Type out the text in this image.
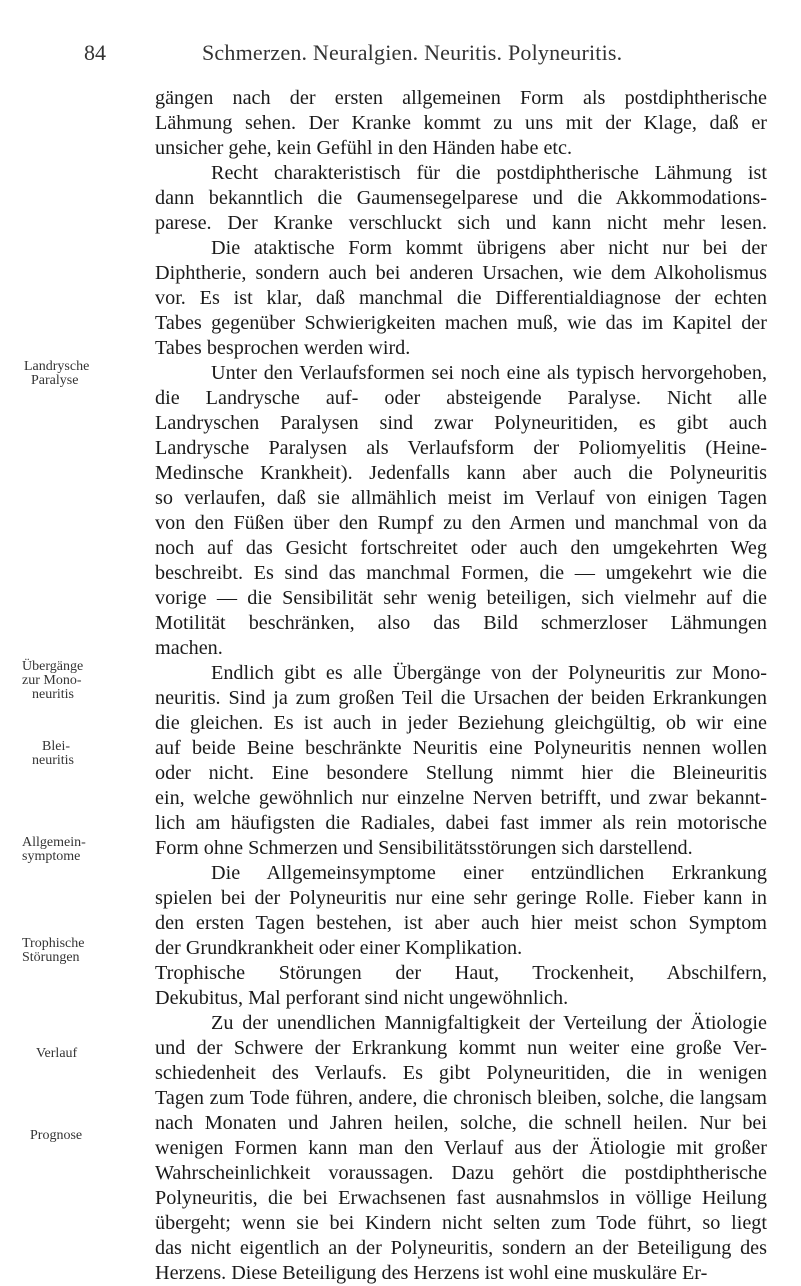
84	Schmerzen. Neuralgien. Neuritis. Polyneuritis.
Landrysche
Paralyse
Übergänge
zur Mono-
neuritis
Blei-
neuritis
Allgemein-
symptome
Trophische
Störungen
Verlauf
Prognose
gängen nach der ersten allgemeinen Form als postdiphtherische
Lähmung sehen. Der Kranke kommt zu uns mit der Klage, daß er
unsicher gehe, kein Gefühl in den Händen habe etc.
Recht charakteristisch für die postdiphtherische Lähmung ist
dann bekanntlich die Gaumensegelparese und die Akkommodations-
parese. Der Kranke verschluckt sich und kann nicht mehr lesen.
Die ataktische Form kommt übrigens aber nicht nur bei der
Diphtherie, sondern auch bei anderen Ursachen, wie dem Alkoholismus
vor. Es ist klar, daß manchmal die Differentialdiagnose der echten
Tabes gegenüber Schwierigkeiten machen muß, wie das im Kapitel der
Tabes besprochen werden wird.
Unter den Verlaufsformen sei noch eine als typisch hervorgehoben,
die Landrysche auf- oder absteigende Paralyse. Nicht alle
Landryschen Paralysen sind zwar Polyneuritiden, es gibt auch
Landrysche Paralysen als Verlaufsform der Poliomyelitis (Heine-
Medinsche Krankheit). Jedenfalls kann aber auch die Polyneuritis
so verlaufen, daß sie allmählich meist im Verlauf von einigen Tagen
von den Füßen über den Rumpf zu den Armen und manchmal von da
noch auf das Gesicht fortschreitet oder auch den umgekehrten Weg
beschreibt. Es sind das manchmal Formen, die — umgekehrt wie die
vorige — die Sensibilität sehr wenig beteiligen, sich vielmehr auf die
Motilität beschränken, also das Bild schmerzloser Lähmungen
machen.
Endlich gibt es alle Übergänge von der Polyneuritis zur Mono-
neuritis. Sind ja zum großen Teil die Ursachen der beiden Erkrankungen
die gleichen. Es ist auch in jeder Beziehung gleichgültig, ob wir eine
auf beide Beine beschränkte Neuritis eine Polyneuritis nennen wollen
oder nicht. Eine besondere Stellung nimmt hier die Bleineuritis
ein, welche gewöhnlich nur einzelne Nerven betrifft, und zwar bekannt-
lich am häufigsten die Radiales, dabei fast immer als rein motorische
Form ohne Schmerzen und Sensibilitätsstörungen sich darstellend.
Die Allgemeinsymptome einer entzündlichen Erkrankung
spielen bei der Polyneuritis nur eine sehr geringe Rolle. Fieber kann in
den ersten Tagen bestehen, ist aber auch hier meist schon Symptom
der Grundkrankheit oder einer Komplikation.
Trophische Störungen der Haut, Trockenheit, Abschilfern,
Dekubitus, Mal perforant sind nicht ungewöhnlich.
Zu der unendlichen Mannigfaltigkeit der Verteilung der Ätiologie
und der Schwere der Erkrankung kommt nun weiter eine große Ver-
schiedenheit des Verlaufs. Es gibt Polyneuritiden, die in wenigen
Tagen zum Tode führen, andere, die chronisch bleiben, solche, die langsam
nach Monaten und Jahren heilen, solche, die schnell heilen. Nur bei
wenigen Formen kann man den Verlauf aus der Ätiologie mit großer
Wahrscheinlichkeit voraussagen. Dazu gehört die postdiphtherische
Polyneuritis, die bei Erwachsenen fast ausnahmslos in völlige Heilung
übergeht; wenn sie bei Kindern nicht selten zum Tode führt, so liegt
das nicht eigentlich an der Polyneuritis, sondern an der Beteiligung des
Herzens. Diese Beteiligung des Herzens ist wohl eine muskuläre Er-
